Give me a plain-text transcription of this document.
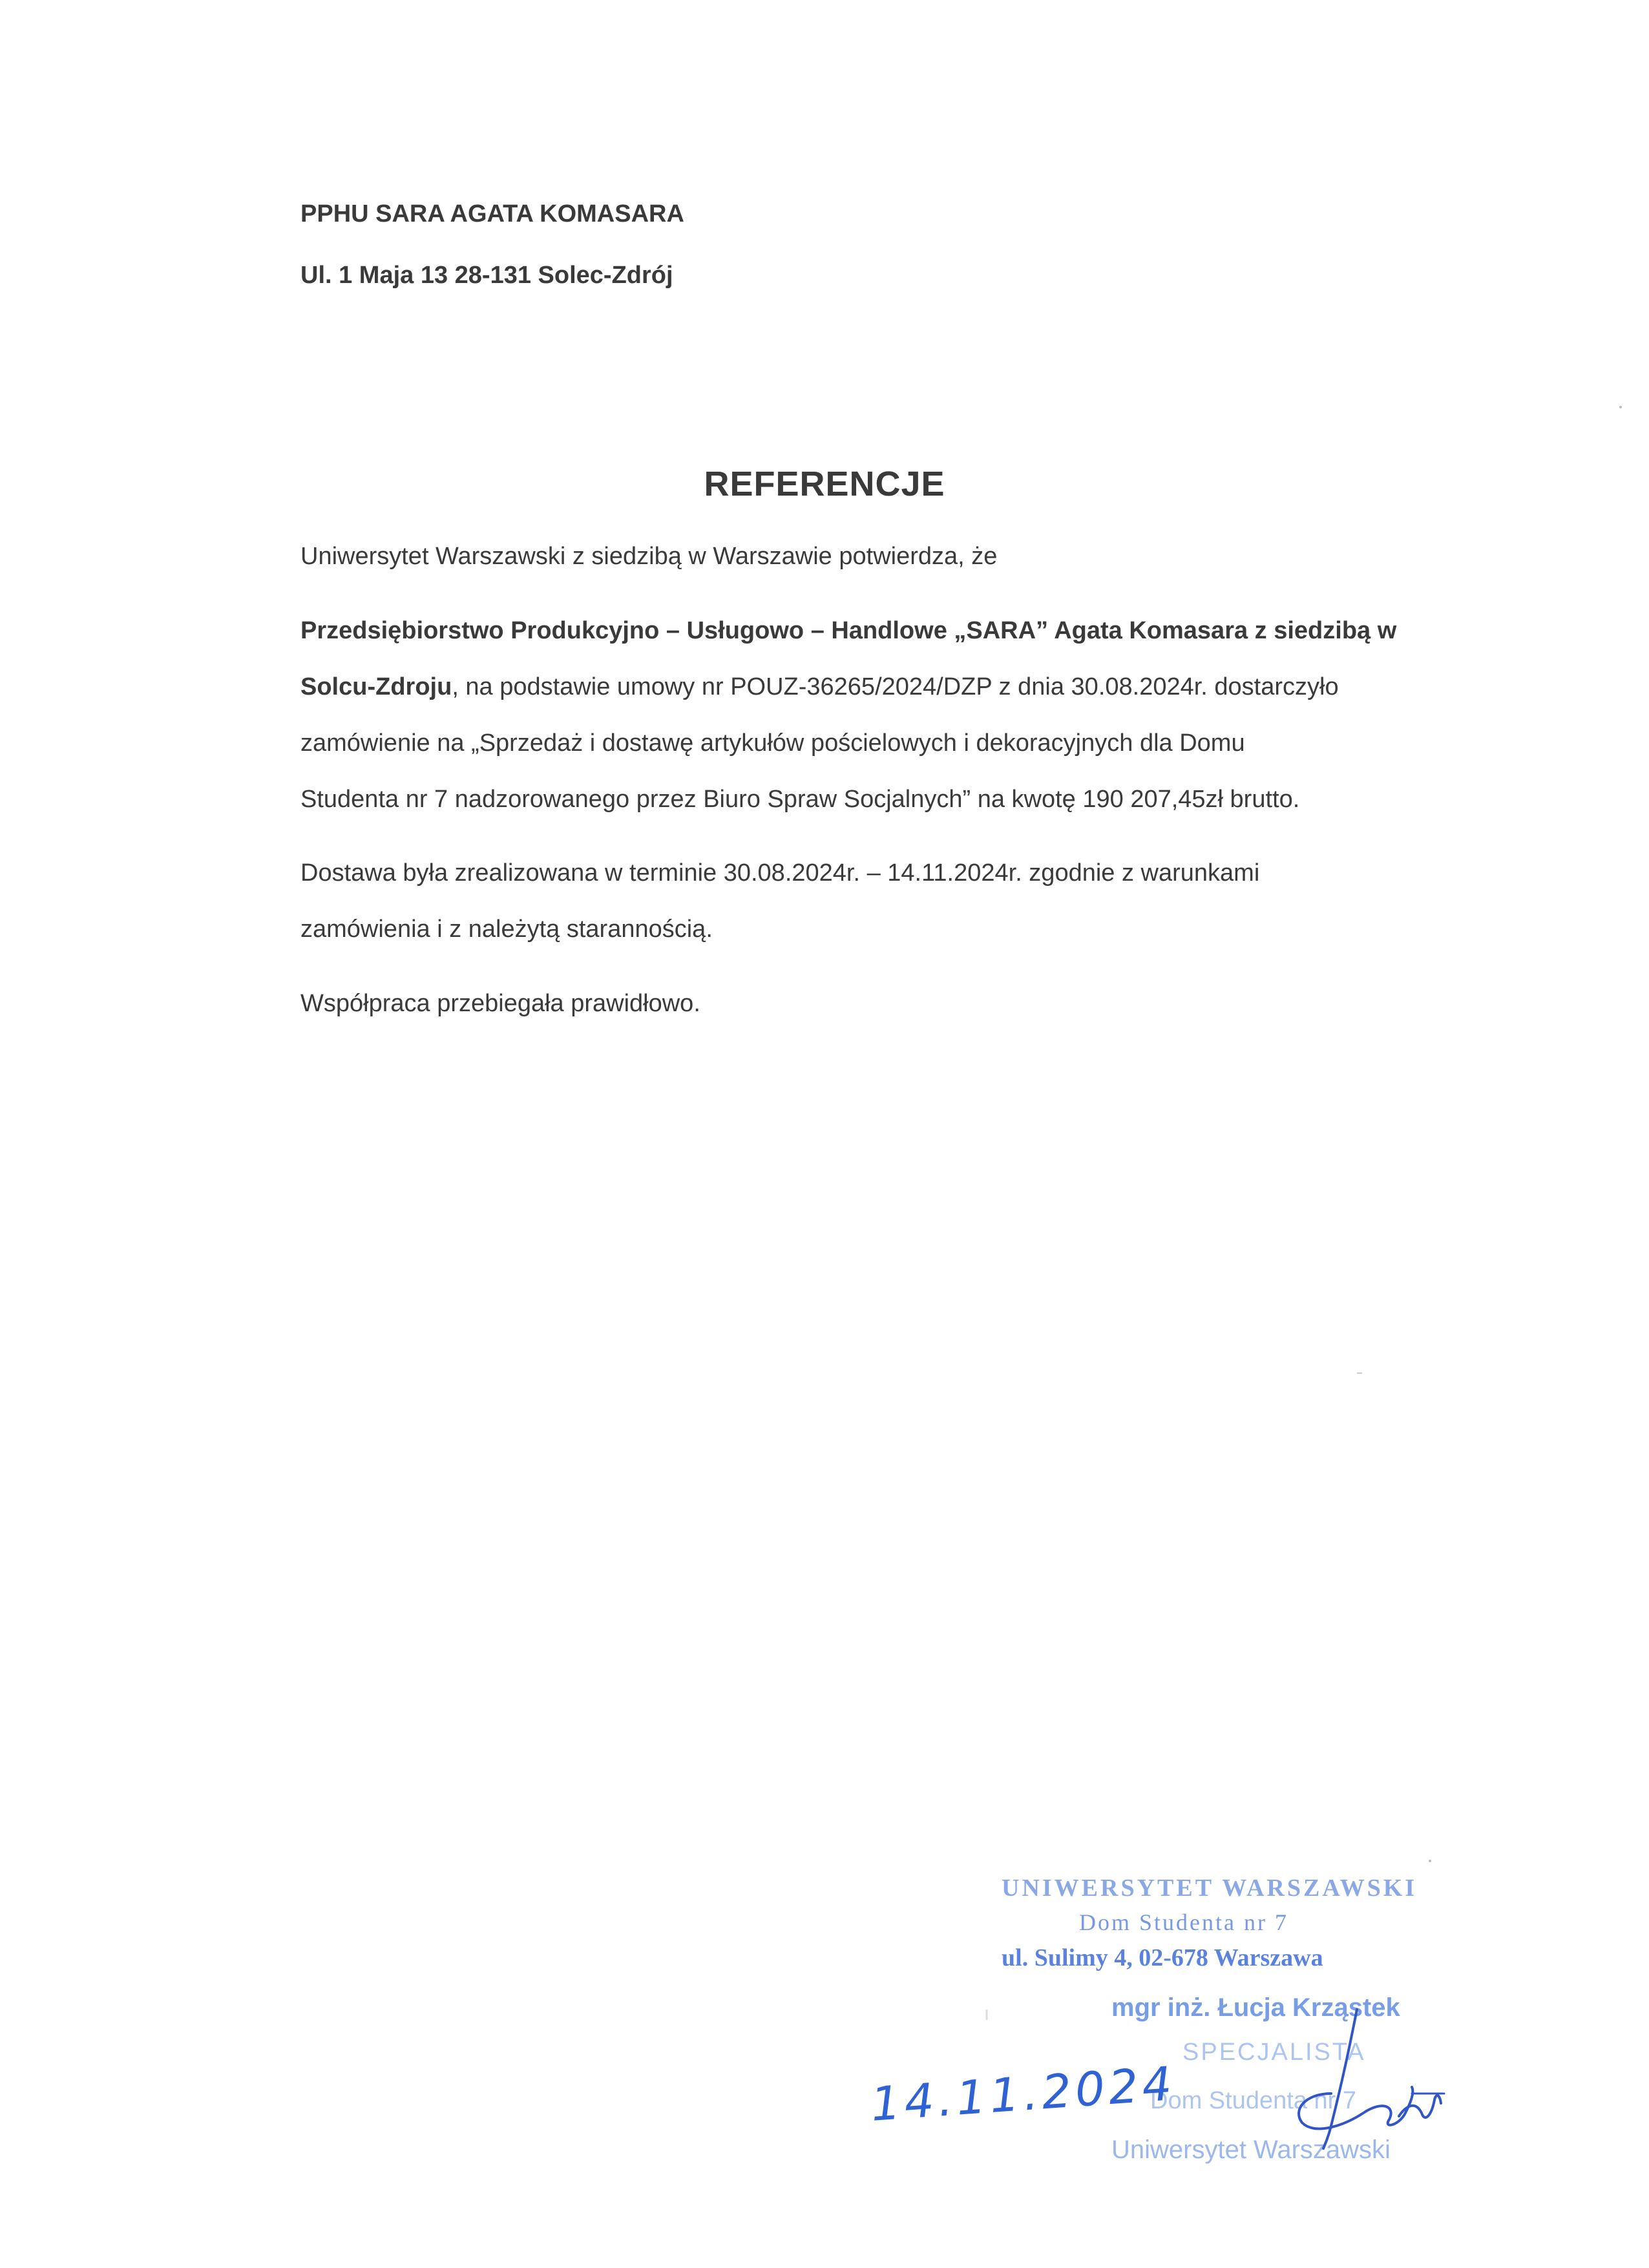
PPHU SARA AGATA KOMASARA
Ul. 1 Maja 13 28-131 Solec-Zdrój
REFERENCJE
Uniwersytet Warszawski z siedzibą w Warszawie potwierdza, że
Przedsiębiorstwo Produkcyjno – Usługowo – Handlowe „SARA” Agata Komasara z siedzibą w
Solcu-Zdroju, na podstawie umowy nr POUZ-36265/2024/DZP z dnia 30.08.2024r. dostarczyło
zamówienie na „Sprzedaż i dostawę artykułów pościelowych i dekoracyjnych dla Domu
Studenta nr 7 nadzorowanego przez Biuro Spraw Socjalnych” na kwotę 190 207,45zł brutto.
Dostawa była zrealizowana w terminie 30.08.2024r. – 14.11.2024r. zgodnie z warunkami
zamówienia i z należytą starannością.
Współpraca przebiegała prawidłowo.
UNIWERSYTET WARSZAWSKI
Dom Studenta nr 7
ul. Sulimy 4, 02-678 Warszawa
mgr inż. Łucja Krząstek
SPECJALISTA
Dom Studenta nr 7
Uniwersytet Warszawski
14.11.2024
